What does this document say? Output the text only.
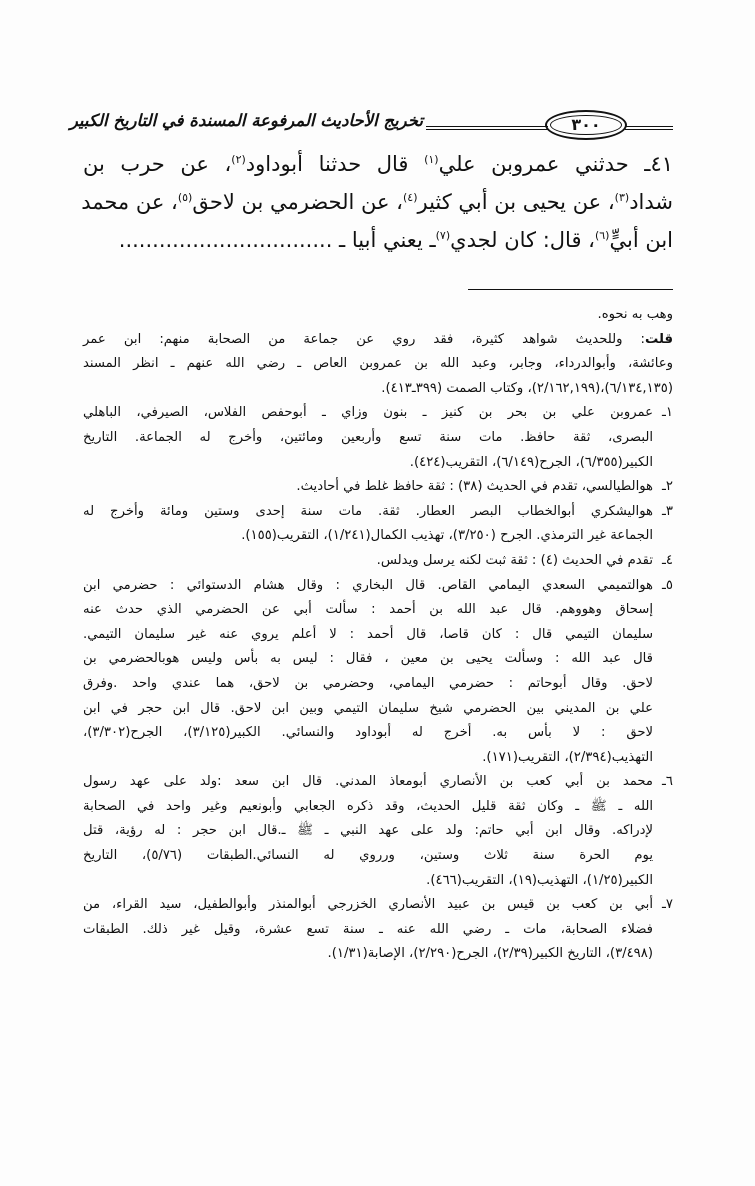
تخريج الأحاديث المرفوعة المسندة في التاريخ الكبير	٣٠٠
٤١ـ حدثني عمروبن علي$^{(١)}$ قال حدثنا أبوداود$^{(٢)}$، عن حرب بن
شداد$^{(٣)}$، عن يحيى بن أبي كثير$^{(٤)}$، عن الحضرمي بن لاحق$^{(٥)}$، عن محمد
ابن أبيٍّ$^{(٦)}$، قال: كان لجدي$^{(٧)}$ـ يعني أبيا ـ ................................
وهب به نحوه.
قلت: وللحديث شواهد كثيرة، فقد روي عن جماعة من الصحابة منهم: ابن عمر
وعائشة، وأبوالدرداء، وجابر، وعبد الله بن عمروبن العاص ـ رضي الله عنهم ـ انظر المسند
(٦/١٣٤,١٣٥)،(٢/١٦٢,١٩٩)، وكتاب الصمت (٣٩٩ـ٤١٣).
١ـ
عمروبن علي بن بحر بن كنيز ـ بنون وزاي ـ أبوحفص الفلاس، الصيرفي، الباهلي
البصرى، ثقة حافظ. مات سنة تسع وأربعين ومائتين، وأخرج له الجماعة. التاريخ
الكبير(٦/٣٥٥)، الجرح(٦/١٤٩)، التقريب(٤٢٤).
٢ـ
هوالطيالسي، تقدم في الحديث (٣٨) : ثقة حافظ غلط في أحاديث.
٣ـ
هواليشكري أبوالخطاب البصر العطار. ثقة. مات سنة إحدى وستين ومائة وأخرج له
الجماعة غير الترمذي. الجرح (٣/٢٥٠)، تهذيب الكمال(١/٢٤١)، التقريب(١٥٥).
٤ـ
تقدم في الحديث (٤) : ثقة ثبت لكنه يرسل ويدلس.
٥ـ
هوالتميمي السعدي اليمامي القاص. قال البخاري : وقال هشام الدستوائي : حضرمي ابن
إسحاق وهووهم. قال عبد الله بن أحمد : سألت أبي عن الحضرمي الذي حدث عنه
سليمان التيمي قال : كان قاصا، قال أحمد : لا أعلم يروي عنه غير سليمان التيمي.
قال عبد الله : وسألت يحيى بن معين ، فقال : ليس به بأس وليس هوبالحضرمي بن
لاحق. وقال أبوحاتم : حضرمي اليمامي، وحضرمي بن لاحق، هما عندي واحد .وفرق
علي بن المديني بين الحضرمي شيخ سليمان التيمي وبين ابن لاحق. قال ابن حجر في ابن
لاحق : لا بأس به. أخرج له أبوداود والنسائي. الكبير(٣/١٢٥)، الجرح(٣/٣٠٢)،
التهذيب(٢/٣٩٤)، التقريب(١٧١).
٦ـ
محمد بن أبي كعب بن الأنصاري أبومعاذ المدني. قال ابن سعد :ولد على عهد رسول
الله ـ ﷺ ـ وكان ثقة قليل الحديث، وقد ذكره الجعابي وأبونعيم وغير واحد في الصحابة
لإدراكه. وقال ابن أبي حاتم: ولد على عهد النبي ـ ﷺ ـ.قال ابن حجر : له رؤية، قتل
يوم الحرة سنة ثلاث وستين، ورروي له النسائي.الطبقات (٥/٧٦)، التاريخ
الكبير(١/٢٥)، التهذيب(١٩)، التقريب(٤٦٦).
٧ـ
أبي بن كعب بن قيس بن عبيد الأنصاري الخزرجي أبوالمنذر وأبوالطفيل، سيد القراء، من
فضلاء الصحابة، مات ـ رضي الله عنه ـ سنة تسع عشرة، وقيل غير ذلك. الطبقات
(٣/٤٩٨)، التاريخ الكبير(٢/٣٩)، الجرح(٢/٢٩٠)، الإصابة(١/٣١).
